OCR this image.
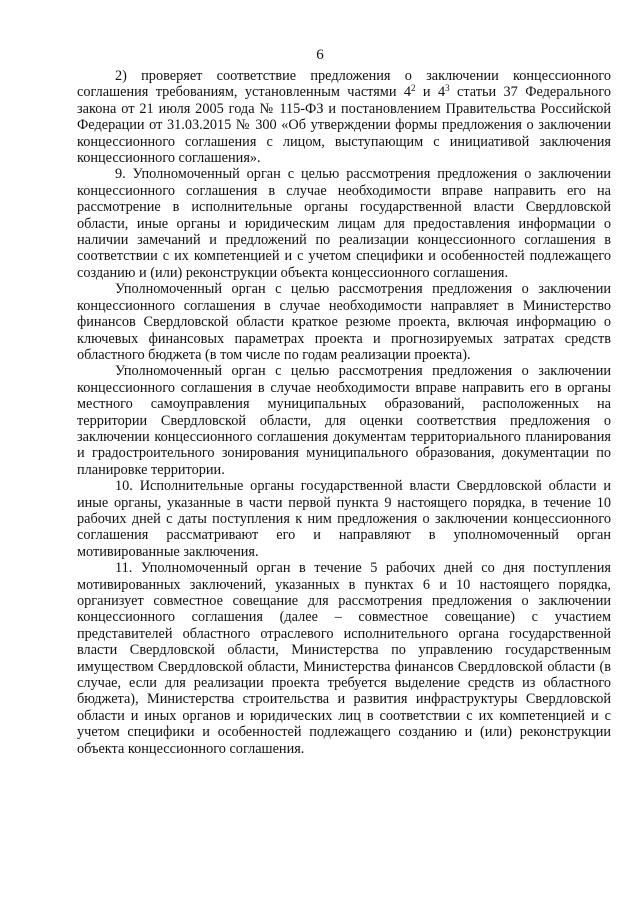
6

2) проверяет соответствие предложения о заключении концессионного соглашения требованиям, установленным частями $4^2$ и $4^3$ статьи 37 Федерального закона от 21 июля 2005 года № 115-ФЗ и постановлением Правительства Российской Федерации от 31.03.2015 № 300 «Об утверждении формы предложения о заключении концессионного соглашения с лицом, выступающим с инициативой заключения концессионного соглашения».

9. Уполномоченный орган с целью рассмотрения предложения о заключении концессионного соглашения в случае необходимости вправе направить его на рассмотрение в исполнительные органы государственной власти Свердловской области, иные органы и юридическим лицам для предоставления информации о наличии замечаний и предложений по реализации концессионного соглашения в соответствии с их компетенцией и с учетом специфики и особенностей подлежащего созданию и (или) реконструкции объекта концессионного соглашения.

Уполномоченный орган с целью рассмотрения предложения о заключении концессионного соглашения в случае необходимости направляет в Министерство финансов Свердловской области краткое резюме проекта, включая информацию о ключевых финансовых параметрах проекта и прогнозируемых затратах средств областного бюджета (в том числе по годам реализации проекта).

Уполномоченный орган с целью рассмотрения предложения о заключении концессионного соглашения в случае необходимости вправе направить его в органы местного самоуправления муниципальных образований, расположенных на территории Свердловской области, для оценки соответствия предложения о заключении концессионного соглашения документам территориального планирования и градостроительного зонирования муниципального образования, документации по планировке территории.

10. Исполнительные органы государственной власти Свердловской области и иные органы, указанные в части первой пункта 9 настоящего порядка, в течение 10 рабочих дней с даты поступления к ним предложения о заключении концессионного соглашения рассматривают его и направляют в уполномоченный орган мотивированные заключения.

11. Уполномоченный орган в течение 5 рабочих дней со дня поступления мотивированных заключений, указанных в пунктах 6 и 10 настоящего порядка, организует совместное совещание для рассмотрения предложения о заключении концессионного соглашения (далее – совместное совещание) с участием представителей областного отраслевого исполнительного органа государственной власти Свердловской области, Министерства по управлению государственным имуществом Свердловской области, Министерства финансов Свердловской области (в случае, если для реализации проекта требуется выделение средств из областного бюджета), Министерства строительства и развития инфраструктуры Свердловской области и иных органов и юридических лиц в соответствии с их компетенцией и с учетом специфики и особенностей подлежащего созданию и (или) реконструкции объекта концессионного соглашения.
